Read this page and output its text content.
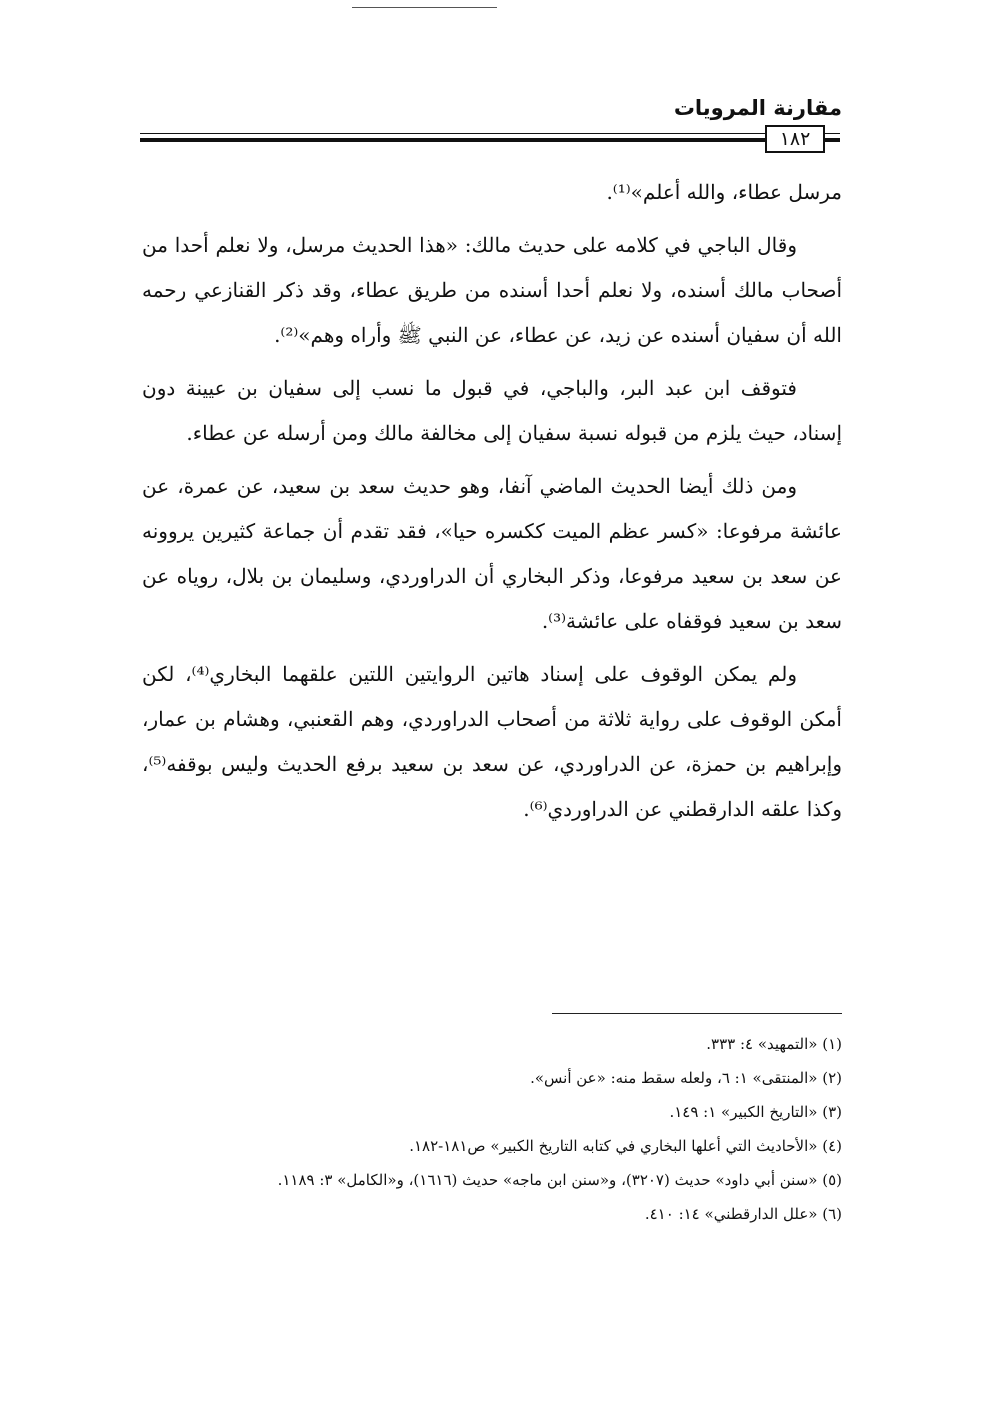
مقارنة المرويات
١٨٢

مرسل عطاء، والله أعلم»⁽¹⁾.

وقال الباجي في كلامه على حديث مالك: «هذا الحديث مرسل، ولا نعلم أحدا من أصحاب مالك أسنده، ولا نعلم أحدا أسنده من طريق عطاء، وقد ذكر القنازعي رحمه الله أن سفيان أسنده عن زيد، عن عطاء، عن النبي ﷺ وأراه وهم»⁽²⁾.

فتوقف ابن عبد البر، والباجي، في قبول ما نسب إلى سفيان بن عيينة دون إسناد، حيث يلزم من قبوله نسبة سفيان إلى مخالفة مالك ومن أرسله عن عطاء.

ومن ذلك أيضا الحديث الماضي آنفا، وهو حديث سعد بن سعيد، عن عمرة، عن عائشة مرفوعا: «كسر عظم الميت ككسره حيا»، فقد تقدم أن جماعة كثيرين يروونه عن سعد بن سعيد مرفوعا، وذكر البخاري أن الدراوردي، وسليمان بن بلال، روياه عن سعد بن سعيد فوقفاه على عائشة⁽³⁾.

ولم يمكن الوقوف على إسناد هاتين الروايتين اللتين علقهما البخاري⁽⁴⁾، لكن أمكن الوقوف على رواية ثلاثة من أصحاب الدراوردي، وهم القعنبي، وهشام بن عمار، وإبراهيم بن حمزة، عن الدراوردي، عن سعد بن سعيد برفع الحديث وليس بوقفه⁽⁵⁾، وكذا علقه الدارقطني عن الدراوردي⁽⁶⁾.

(١) «التمهيد» ٤: ٣٣٣.

(٢) «المنتقى» ١: ٦، ولعله سقط منه: «عن أنس».

(٣) «التاريخ الكبير» ١: ١٤٩.

(٤) «الأحاديث التي أعلها البخاري في كتابه التاريخ الكبير» ص١٨١-١٨٢.

(٥) «سنن أبي داود» حديث (٣٢٠٧)، و«سنن ابن ماجه» حديث (١٦١٦)، و«الكامل» ٣: ١١٨٩.

(٦) «علل الدارقطني» ١٤: ٤١٠.
